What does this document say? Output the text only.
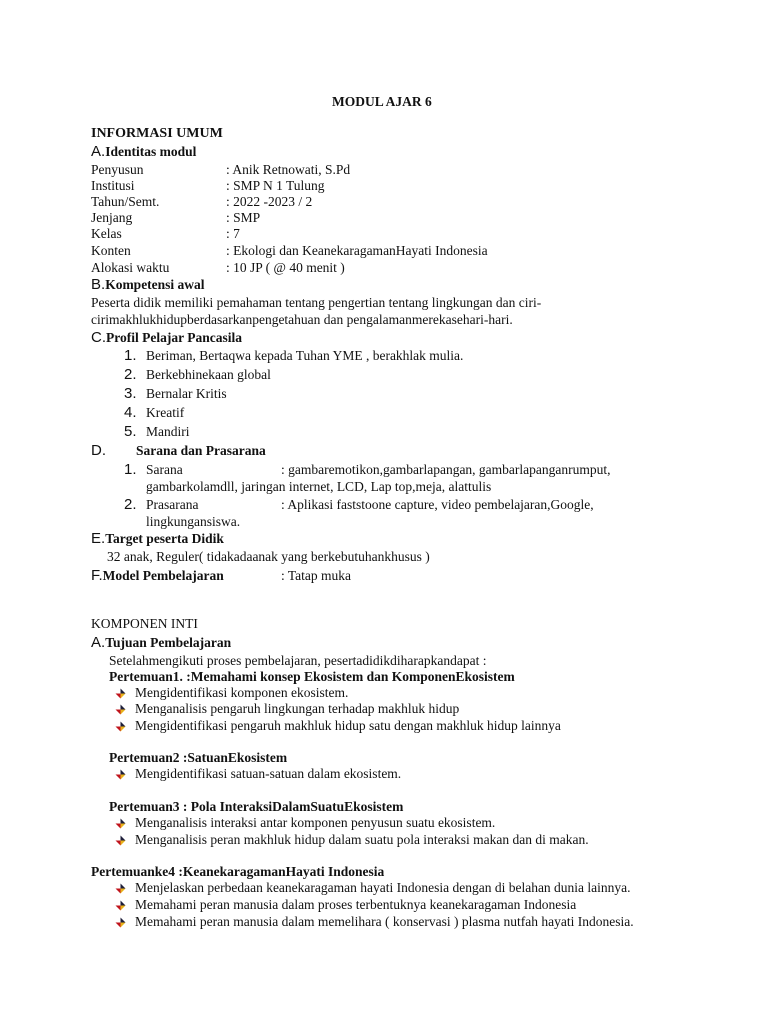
MODUL AJAR 6
INFORMASI UMUM
A.Identitas modul
Penyusun	: Anik Retnowati, S.Pd
Institusi	: SMP N 1 Tulung
Tahun/Semt.	: 2022 -2023 / 2
Jenjang	: SMP
Kelas	: 7
Konten	: Ekologi dan KeanekaragamanHayati Indonesia
Alokasi waktu	: 10 JP ( @ 40 menit )
B.Kompetensi awal
Peserta didik memiliki pemahaman tentang pengertian tentang lingkungan dan ciri-
cirimakhlukhidupberdasarkanpengetahuan dan pengalamanmerekasehari-hari.
C.Profil Pelajar Pancasila
1. Beriman, Bertaqwa kepada Tuhan YME , berakhlak mulia.
2. Berkebhinekaan global
3. Bernalar Kritis
4. Kreatif
5. Mandiri
D. Sarana dan Prasarana
1. Sarana	: gambaremotikon,gambarlapangan, gambarlapanganrumput,
gambarkolamdll, jaringan internet, LCD, Lap top,meja, alattulis
2. Prasarana	: Aplikasi faststoone capture, video pembelajaran,Google,
lingkungansiswa.
E.Target peserta Didik
32 anak, Reguler( tidakadaanak yang berkebutuhankhusus )
F.Model Pembelajaran	: Tatap muka
KOMPONEN INTI
A.Tujuan Pembelajaran
Setelahmengikuti proses pembelajaran, pesertadidikdiharapkandapat :
Pertemuan1. :Memahami konsep Ekosistem dan KomponenEkosistem
Mengidentifikasi komponen ekosistem.
Menganalisis pengaruh lingkungan terhadap makhluk hidup
Mengidentifikasi pengaruh makhluk hidup satu dengan makhluk hidup lainnya
Pertemuan2 :SatuanEkosistem
Mengidentifikasi satuan-satuan dalam ekosistem.
Pertemuan3 : Pola InteraksiDalamSuatuEkosistem
Menganalisis interaksi antar komponen penyusun suatu ekosistem.
Menganalisis peran makhluk hidup dalam suatu pola interaksi makan dan di makan.
Pertemuanke4 :KeanekaragamanHayati Indonesia
Menjelaskan perbedaan keanekaragaman hayati Indonesia dengan di belahan dunia lainnya.
Memahami peran manusia dalam proses terbentuknya keanekaragaman Indonesia
Memahami peran manusia dalam memelihara ( konservasi ) plasma nutfah hayati Indonesia.
